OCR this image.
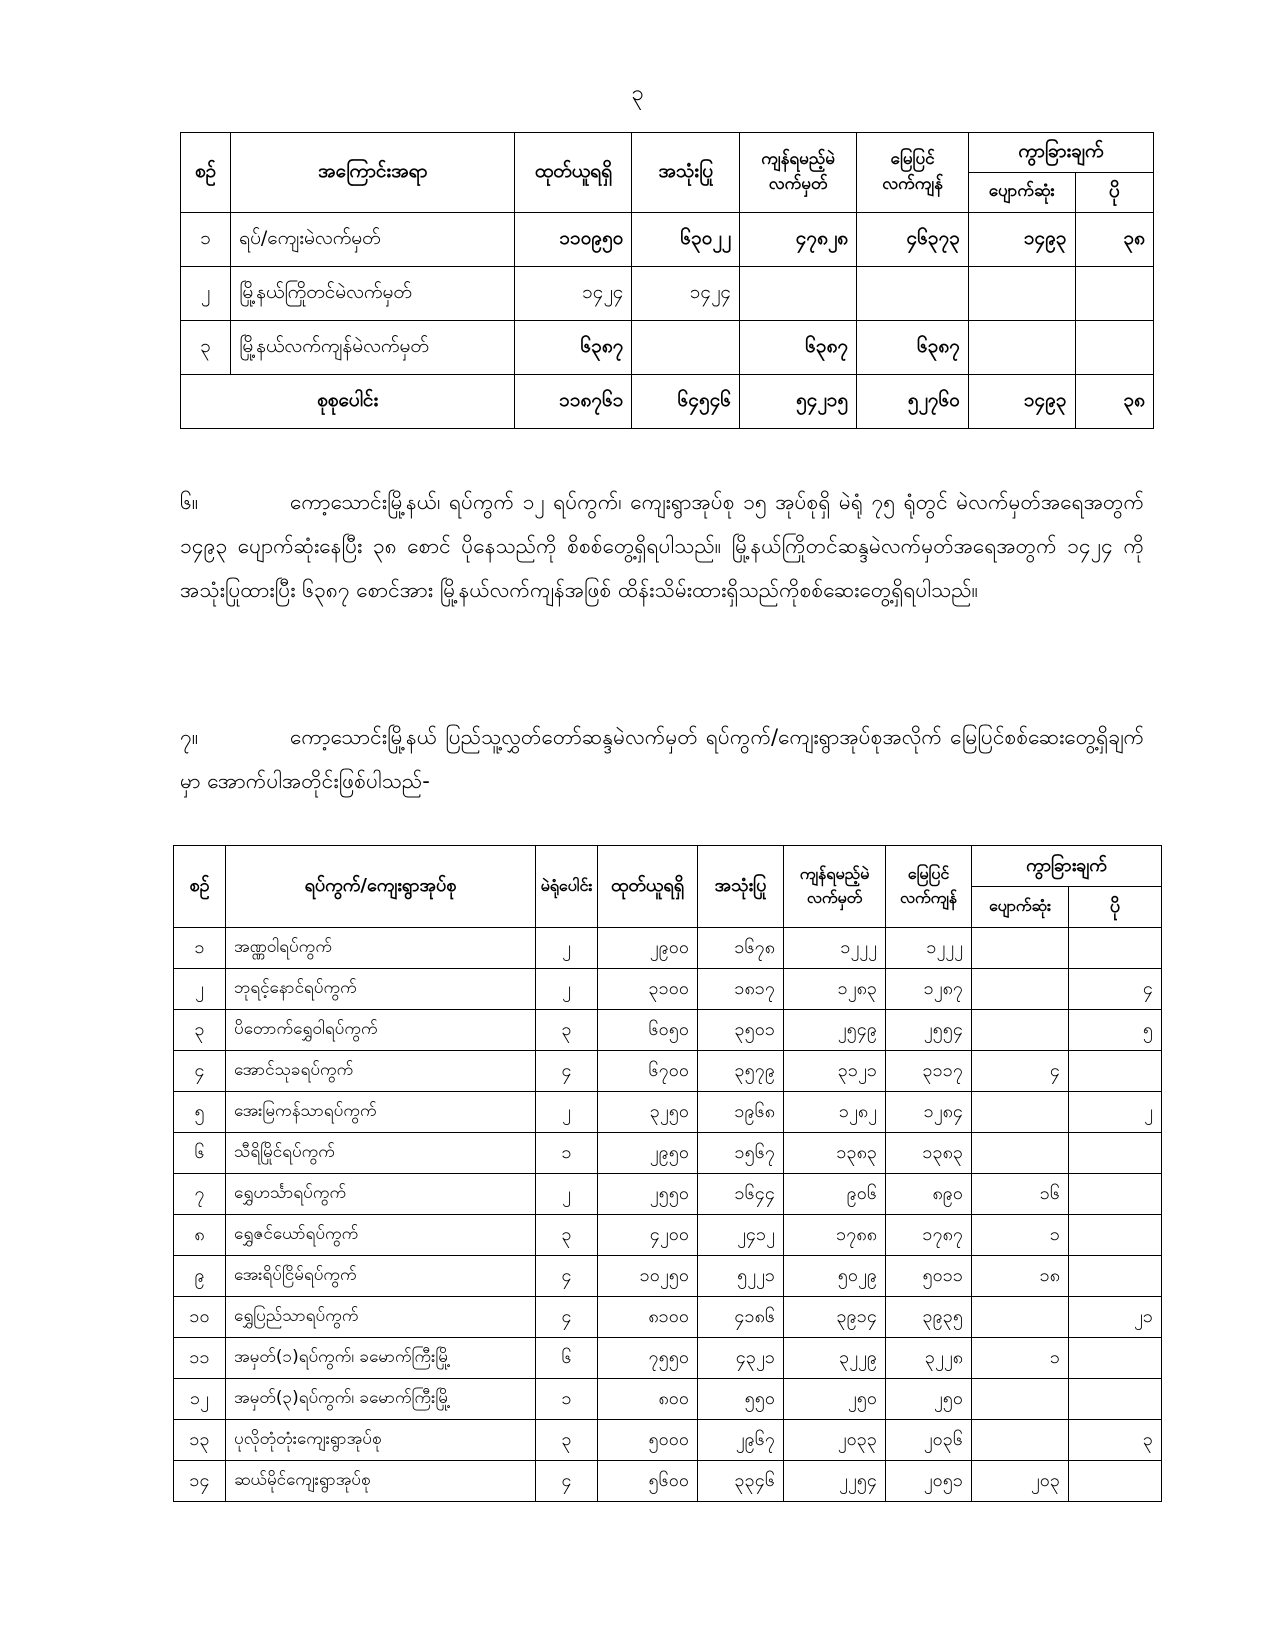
၃
စဉ်	အကြောင်းအရာ	ထုတ်ယူရရှိ	အသုံးပြု	ကျန်ရမည့်မဲလက်မှတ်	မြေပြင်လက်ကျန်	ကွာခြားချက်	
						ပျောက်ဆုံး	ပို
၁	ရပ်/ကျေးမဲလက်မှတ်	၁၁၀၉၅၀	၆၃၀၂၂	၄၇၈၂၈	၄၆၃၇၃	၁၄၉၃	၃၈
၂	မြို့နယ်ကြိုတင်မဲလက်မှတ်	၁၄၂၄	၁၄၂၄				
၃	မြို့နယ်လက်ကျန်မဲလက်မှတ်	၆၃၈၇		၆၃၈၇	၆၃၈၇		
စုစုပေါင်း		၁၁၈၇၆၁	၆၄၅၄၆	၅၄၂၁၅	၅၂၇၆၀	၁၄၉၃	၃၈
၆။	ကော့သောင်းမြို့နယ်၊ ရပ်ကွက် ၁၂ ရပ်ကွက်၊ ကျေးရွာအုပ်စု ၁၅ အုပ်စုရှိ မဲရုံ ၇၅ ရုံတွင် မဲလက်မှတ်အရေအတွက် ၁၄၉၃ ပျောက်ဆုံးနေပြီး ၃၈ စောင် ပိုနေသည်ကို စိစစ်တွေ့ရှိရပါသည်။ မြို့နယ်ကြိုတင်ဆန္ဒမဲလက်မှတ်အရေအတွက် ၁၄၂၄ ကို အသုံးပြုထားပြီး ၆၃၈၇ စောင်အား မြို့နယ်လက်ကျန်အဖြစ် ထိန်းသိမ်းထားရှိသည်ကိုစစ်ဆေးတွေ့ရှိရပါသည်။
၇။	ကော့သောင်းမြို့နယ် ပြည်သူ့လွှတ်တော်ဆန္ဒမဲလက်မှတ် ရပ်ကွက်/ကျေးရွာအုပ်စုအလိုက် မြေပြင်စစ်ဆေးတွေ့ရှိချက်မှာ အောက်ပါအတိုင်းဖြစ်ပါသည်-
စဉ်	ရပ်ကွက်/ကျေးရွာအုပ်စု	မဲရုံပေါင်း	ထုတ်ယူရရှိ	အသုံးပြု	ကျန်ရမည့်မဲလက်မှတ်	မြေပြင်လက်ကျန်	ကွာခြားချက်	
							ပျောက်ဆုံး	ပို
၁	အဏ္ဏဝါရပ်ကွက်	၂	၂၉၀၀	၁၆၇၈	၁၂၂၂	၁၂၂၂		
၂	ဘုရင့်နောင်ရပ်ကွက်	၂	၃၁၀၀	၁၈၁၇	၁၂၈၃	၁၂၈၇		၄
၃	ပိတောက်ရွှေဝါရပ်ကွက်	၃	၆၀၅၀	၃၅၀၁	၂၅၄၉	၂၅၅၄		၅
၄	အောင်သုခရပ်ကွက်	၄	၆၇၀၀	၃၅၇၉	၃၁၂၁	၃၁၁၇	၄	
၅	အေးမြကန်သာရပ်ကွက်	၂	၃၂၅၀	၁၉၆၈	၁၂၈၂	၁၂၈၄		၂
၆	သီရိမြိုင်ရပ်ကွက်	၁	၂၉၅၀	၁၅၆၇	၁၃၈၃	၁၃၈၃		
၇	ရွှေဟင်္သာရပ်ကွက်	၂	၂၅၅၀	၁၆၄၄	၉၀၆	၈၉၀	၁၆	
၈	ရွှေဇင်ယော်ရပ်ကွက်	၃	၄၂၀၀	၂၄၁၂	၁၇၈၈	၁၇၈၇	၁	
၉	အေးရိပ်ငြိမ်ရပ်ကွက်	၄	၁၀၂၅၀	၅၂၂၁	၅၀၂၉	၅၀၁၁	၁၈	
၁၀	ရွှေပြည်သာရပ်ကွက်	၄	၈၁၀၀	၄၁၈၆	၃၉၁၄	၃၉၃၅		၂၁
၁၁	အမှတ်(၁)ရပ်ကွက်၊ ခမောက်ကြီးမြို့	၆	၇၅၅၀	၄၃၂၁	၃၂၂၉	၃၂၂၈	၁	
၁၂	အမှတ်(၃)ရပ်ကွက်၊ ခမောက်ကြီးမြို့	၁	၈၀၀	၅၅၀	၂၅၀	၂၅၀		
၁၃	ပုလိုတုံတုံးကျေးရွာအုပ်စု	၃	၅၀၀၀	၂၉၆၇	၂၀၃၃	၂၀၃၆		၃
၁၄	ဆယ်မိုင်ကျေးရွာအုပ်စု	၄	၅၆၀၀	၃၃၄၆	၂၂၅၄	၂၀၅၁	၂၀၃	
